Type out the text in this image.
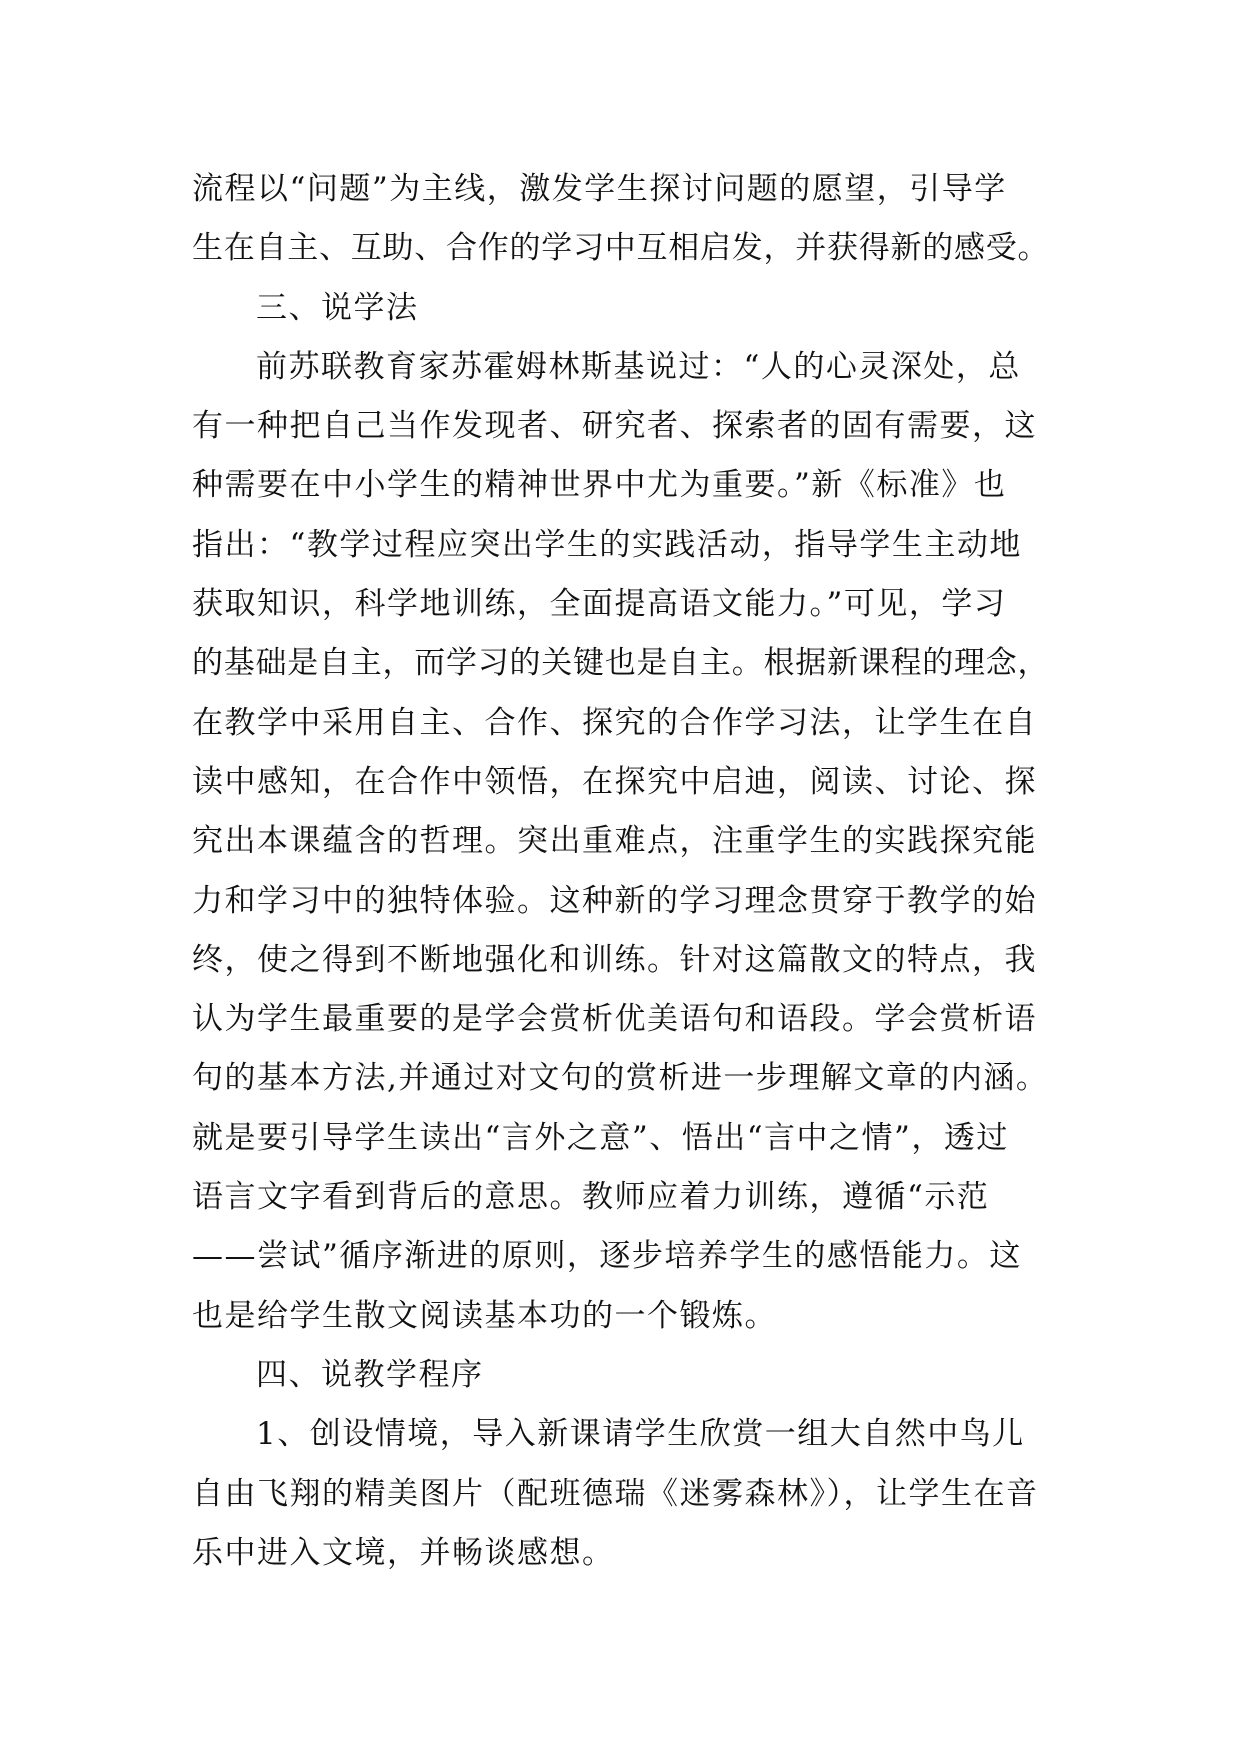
流程以“问题”为主线，激发学生探讨问题的愿望，引导学
生在自主、互助、合作的学习中互相启发，并获得新的感受。
三、说学法
前苏联教育家苏霍姆林斯基说过：“人的心灵深处，总
有一种把自己当作发现者、研究者、探索者的固有需要，这
种需要在中小学生的精神世界中尤为重要。”新《标准》也
指出：“教学过程应突出学生的实践活动，指导学生主动地
获取知识，科学地训练，全面提高语文能力。”可见，学习
的基础是自主，而学习的关键也是自主。根据新课程的理念，
在教学中采用自主、合作、探究的合作学习法，让学生在自
读中感知，在合作中领悟，在探究中启迪，阅读、讨论、探
究出本课蕴含的哲理。突出重难点，注重学生的实践探究能
力和学习中的独特体验。这种新的学习理念贯穿于教学的始
终，使之得到不断地强化和训练。针对这篇散文的特点，我
认为学生最重要的是学会赏析优美语句和语段。学会赏析语
句的基本方法,并通过对文句的赏析进一步理解文章的内涵。
就是要引导学生读出“言外之意”、悟出“言中之情”，透过
语言文字看到背后的意思。教师应着力训练，遵循“示范
——尝试”循序渐进的原则，逐步培养学生的感悟能力。这
也是给学生散文阅读基本功的一个锻炼。
四、说教学程序
1、创设情境，导入新课请学生欣赏一组大自然中鸟儿
自由飞翔的精美图片（配班德瑞《迷雾森林》），让学生在音
乐中进入文境，并畅谈感想。
